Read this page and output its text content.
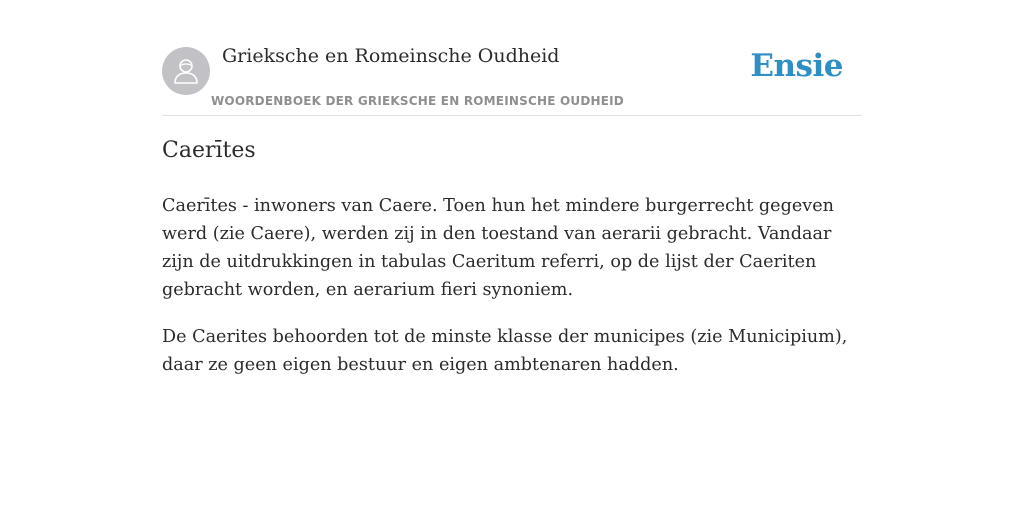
Grieksche en Romeinsche Oudheid
WOORDENBOEK DER GRIEKSCHE EN ROMEINSCHE OUDHEID
Ensie
Caerītes

Caerītes - inwoners van Caere. Toen hun het mindere burgerrecht gegeven werd (zie Caere), werden zij in den toestand van aerarii gebracht. Vandaar zijn de uitdrukkingen in tabulas Caeritum referri, op de lijst der Caeriten gebracht worden, en aerarium fieri synoniem.

De Caerites behoorden tot de minste klasse der municipes (zie Municipium), daar ze geen eigen bestuur en eigen ambtenaren hadden.
